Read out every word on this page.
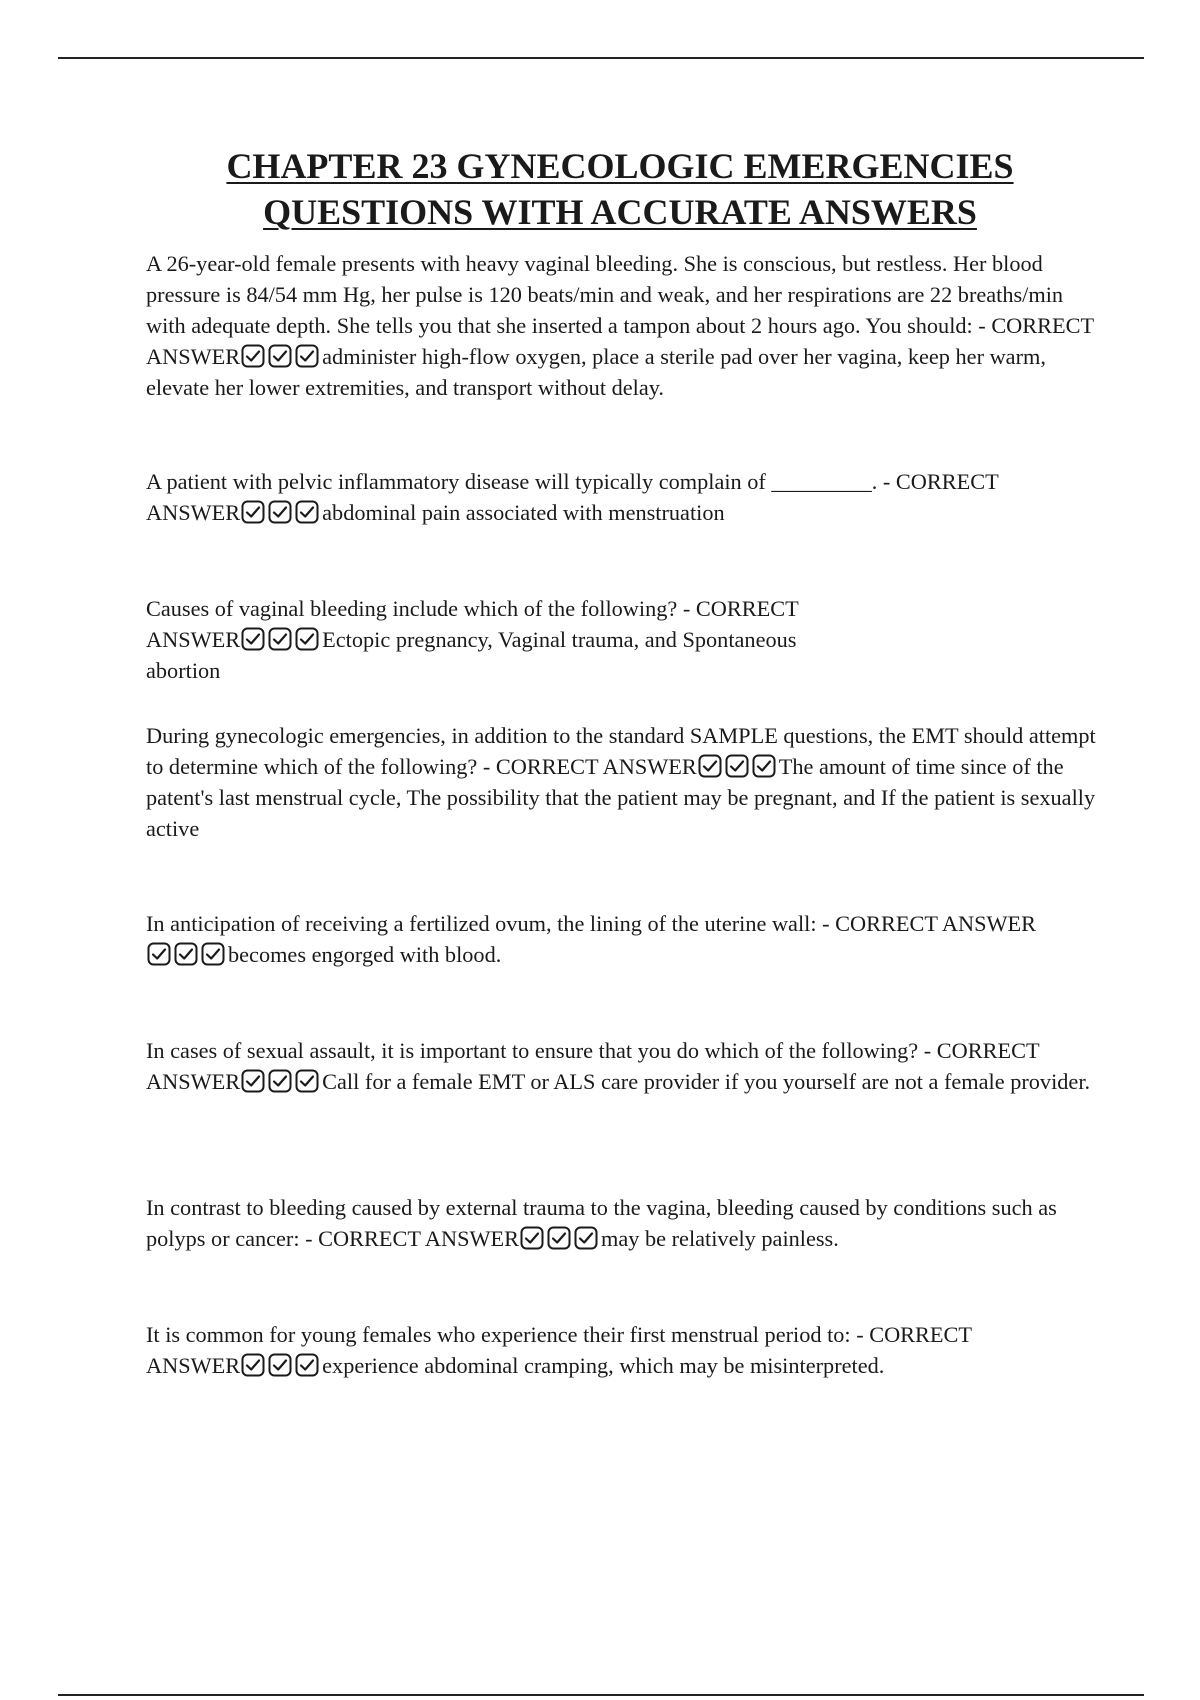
CHAPTER 23 GYNECOLOGIC EMERGENCIES
QUESTIONS WITH ACCURATE ANSWERS

A 26-year-old female presents with heavy vaginal bleeding. She is conscious, but restless. Her blood pressure is 84/54 mm Hg, her pulse is 120 beats/min and weak, and her respirations are 22 breaths/min with adequate depth. She tells you that she inserted a tampon about 2 hours ago. You should: - CORRECT ANSWER	administer high-flow oxygen, place a sterile pad over her vagina, keep her warm, elevate her lower extremities, and transport without delay.

A patient with pelvic inflammatory disease will typically complain of _________. - CORRECT ANSWER	abdominal pain associated with menstruation

Causes of vaginal bleeding include which of the following? - CORRECT ANSWER	Ectopic pregnancy, Vaginal trauma, and Spontaneous abortion

During gynecologic emergencies, in addition to the standard SAMPLE questions, the EMT should attempt to determine which of the following? - CORRECT ANSWER	The amount of time since of the patent's last menstrual cycle, The possibility that the patient may be pregnant, and If the patient is sexually active

In anticipation of receiving a fertilized ovum, the lining of the uterine wall: - CORRECT ANSWER
becomes engorged with blood.

In cases of sexual assault, it is important to ensure that you do which of the following? - CORRECT ANSWER	Call for a female EMT or ALS care provider if you yourself are not a female provider.

In contrast to bleeding caused by external trauma to the vagina, bleeding caused by conditions such as polyps or cancer: - CORRECT ANSWER	may be relatively painless.

It is common for young females who experience their first menstrual period to: - CORRECT ANSWER	experience abdominal cramping, which may be misinterpreted.
